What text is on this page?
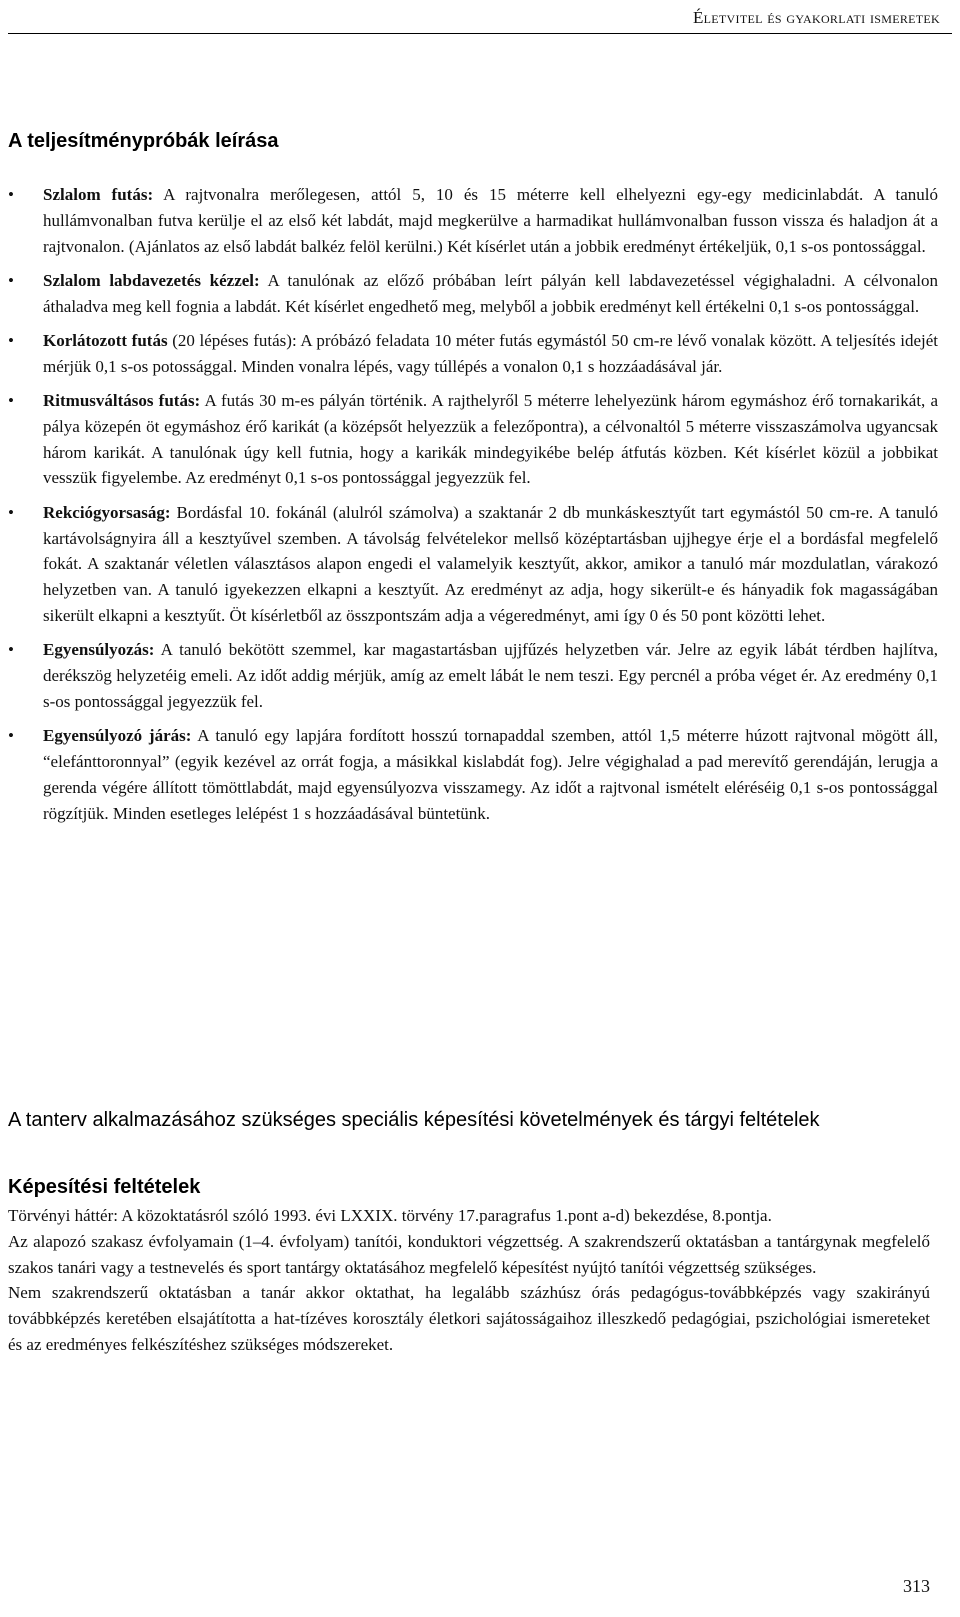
Életvitel és gyakorlati ismeretek
A teljesítménypróbák leírása
• Szlalom futás: A rajtvonalra merőlegesen, attól 5, 10 és 15 méterre kell elhelyezni egy-egy medicinlabdát. A tanuló hullámvonalban futva kerülje el az első két labdát, majd megkerülve a harmadikat hullámvonalban fusson vissza és haladjon át a rajtvonalon. (Ajánlatos az első labdát balkéz felöl kerülni.) Két kísérlet után a jobbik eredményt értékeljük, 0,1 s-os pontossággal.
• Szlalom labdavezetés kézzel: A tanulónak az előző próbában leírt pályán kell labdavezetéssel végighaladni. A célvonalon áthaladva meg kell fognia a labdát. Két kísérlet engedhető meg, melyből a jobbik eredményt kell értékelni 0,1 s-os pontossággal.
• Korlátozott futás (20 lépéses futás): A próbázó feladata 10 méter futás egymástól 50 cm-re lévő vonalak között. A teljesítés idejét mérjük 0,1 s-os potossággal. Minden vonalra lépés, vagy túllépés a vonalon 0,1 s hozzáadásával jár.
• Ritmusváltásos futás: A futás 30 m-es pályán történik. A rajthelyről 5 méterre lehelyezünk három egymáshoz érő tornakarikát, a pálya közepén öt egymáshoz érő karikát (a középsőt helyezzük a felezőpontra), a célvonaltól 5 méterre visszaszámolva ugyancsak három karikát. A tanulónak úgy kell futnia, hogy a karikák mindegyikébe belép átfutás közben. Két kísérlet közül a jobbikat vesszük figyelembe. Az eredményt 0,1 s-os pontossággal jegyezzük fel.
• Rekciógyorsaság: Bordásfal 10. fokánál (alulról számolva) a szaktanár 2 db munkáskesztyűt tart egymástól 50 cm-re. A tanuló kartávolságnyira áll a kesztyűvel szemben. A távolság felvételekor mellső középtartásban ujjhegye érje el a bordásfal megfelelő fokát. A szaktanár véletlen választásos alapon engedi el valamelyik kesztyűt, akkor, amikor a tanuló már mozdulatlan, várakozó helyzetben van. A tanuló igyekezzen elkapni a kesztyűt. Az eredményt az adja, hogy sikerült-e és hányadik fok magasságában sikerült elkapni a kesztyűt. Öt kísérletből az összpontszám adja a végeredményt, ami így 0 és 50 pont közötti lehet.
• Egyensúlyozás: A tanuló bekötött szemmel, kar magastartásban ujjfűzés helyzetben vár. Jelre az egyik lábát térdben hajlítva, derékszög helyzetéig emeli. Az időt addig mérjük, amíg az emelt lábát le nem teszi. Egy percnél a próba véget ér. Az eredmény 0,1 s-os pontossággal jegyezzük fel.
• Egyensúlyozó járás: A tanuló egy lapjára fordított hosszú tornapaddal szemben, attól 1,5 méterre húzott rajtvonal mögött áll, “elefánttoronnyal” (egyik kezével az orrát fogja, a másikkal kislabdát fog). Jelre végighalad a pad merevítő gerendáján, lerugja a gerenda végére állított tömöttlabdát, majd egyensúlyozva visszamegy. Az időt a rajtvonal ismételt eléréséig 0,1 s-os pontossággal rögzítjük. Minden esetleges lelépést 1 s hozzáadásával büntetünk.
A tanterv alkalmazásához szükséges speciális képesítési követelmények és tárgyi feltételek
Képesítési feltételek

Törvényi háttér: A közoktatásról szóló 1993. évi LXXIX. törvény 17.paragrafus 1.pont a-d) bekezdése, 8.pontja.

Az alapozó szakasz évfolyamain (1–4. évfolyam) tanítói, konduktori végzettség. A szakrendszerű oktatásban a tantárgynak megfelelő szakos tanári vagy a testnevelés és sport tantárgy oktatásához megfelelő képesítést nyújtó tanítói végzettség szükséges.

Nem szakrendszerű oktatásban a tanár akkor oktathat, ha legalább százhúsz órás pedagógus-továbbképzés vagy szakirányú továbbképzés keretében elsajátította a hat-tízéves korosztály életkori sajátosságaihoz illeszkedő pedagógiai, pszichológiai ismereteket és az eredményes felkészítéshez szükséges módszereket.

313
